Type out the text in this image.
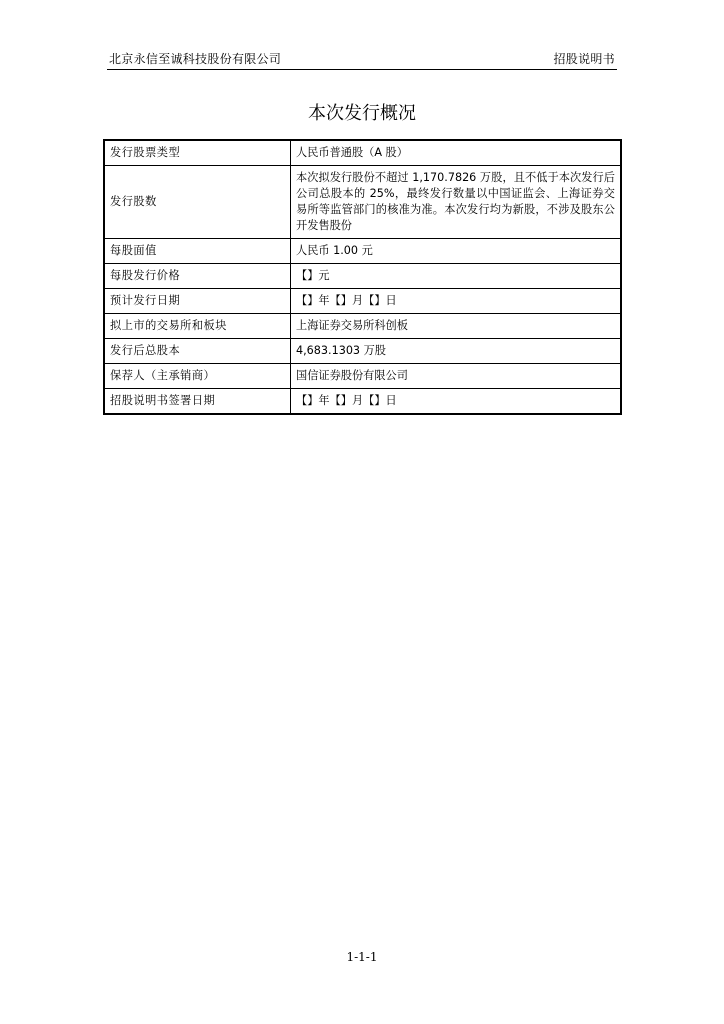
北京永信至诚科技股份有限公司	招股说明书
本次发行概况
发行股票类型	人民币普通股（A 股）
发行股数	本次拟发行股份不超过 1,170.7826 万股，且不低于本次发行后公司总股本的 25%，最终发行数量以中国证监会、上海证券交易所等监管部门的核准为准。本次发行均为新股，不涉及股东公开发售股份
每股面值	人民币 1.00 元
每股发行价格	【】元
预计发行日期	【】年【】月【】日
拟上市的交易所和板块	上海证券交易所科创板
发行后总股本	4,683.1303 万股
保荐人（主承销商）	国信证券股份有限公司
招股说明书签署日期	【】年【】月【】日
1-1-1
